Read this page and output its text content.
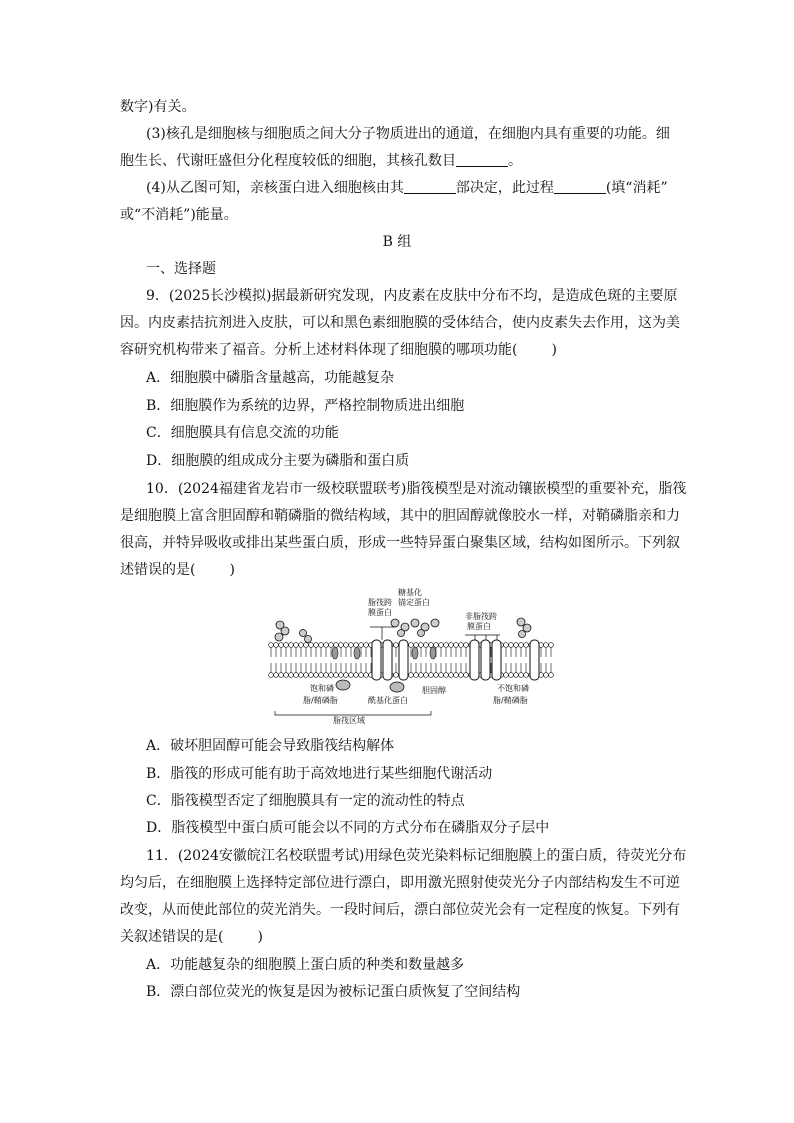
数字)有关。
(3)核孔是细胞核与细胞质之间大分子物质进出的通道，在细胞内具有重要的功能。细
胞生长、代谢旺盛但分化程度较低的细胞，其核孔数目	。
(4)从乙图可知，亲核蛋白进入细胞核由其	部决定，此过程	(填“消耗”
或“不消耗”)能量。
B 组
一、选择题
9．(2025长沙模拟)据最新研究发现，内皮素在皮肤中分布不均，是造成色斑的主要原
因。内皮素拮抗剂进入皮肤，可以和黑色素细胞膜的受体结合，使内皮素失去作用，这为美
容研究机构带来了福音。分析上述材料体现了细胞膜的哪项功能( )
A．细胞膜中磷脂含量越高，功能越复杂
B．细胞膜作为系统的边界，严格控制物质进出细胞
C．细胞膜具有信息交流的功能
D．细胞膜的组成成分主要为磷脂和蛋白质
10．(2024福建省龙岩市一级校联盟联考)脂筏模型是对流动镶嵌模型的重要补充，脂筏
是细胞膜上富含胆固醇和鞘磷脂的微结构域，其中的胆固醇就像胶水一样，对鞘磷脂亲和力
很高，并特异吸收或排出某些蛋白质，形成一些特异蛋白聚集区域，结构如图所示。下列叙
述错误的是( )
脂筏跨
膜蛋白
糖基化
锚定蛋白
非脂筏跨
膜蛋白
饱和磷
脂/鞘磷脂	酰基化蛋白
胆固醇	不饱和磷
脂/鞘磷脂
脂筏区域
A．破坏胆固醇可能会导致脂筏结构解体
B．脂筏的形成可能有助于高效地进行某些细胞代谢活动
C．脂筏模型否定了细胞膜具有一定的流动性的特点
D．脂筏模型中蛋白质可能会以不同的方式分布在磷脂双分子层中
11．(2024安徽皖江名校联盟考试)用绿色荧光染料标记细胞膜上的蛋白质，待荧光分布
均匀后，在细胞膜上选择特定部位进行漂白，即用激光照射使荧光分子内部结构发生不可逆
改变，从而使此部位的荧光消失。一段时间后，漂白部位荧光会有一定程度的恢复。下列有
关叙述错误的是( )
A．功能越复杂的细胞膜上蛋白质的种类和数量越多
B．漂白部位荧光的恢复是因为被标记蛋白质恢复了空间结构
